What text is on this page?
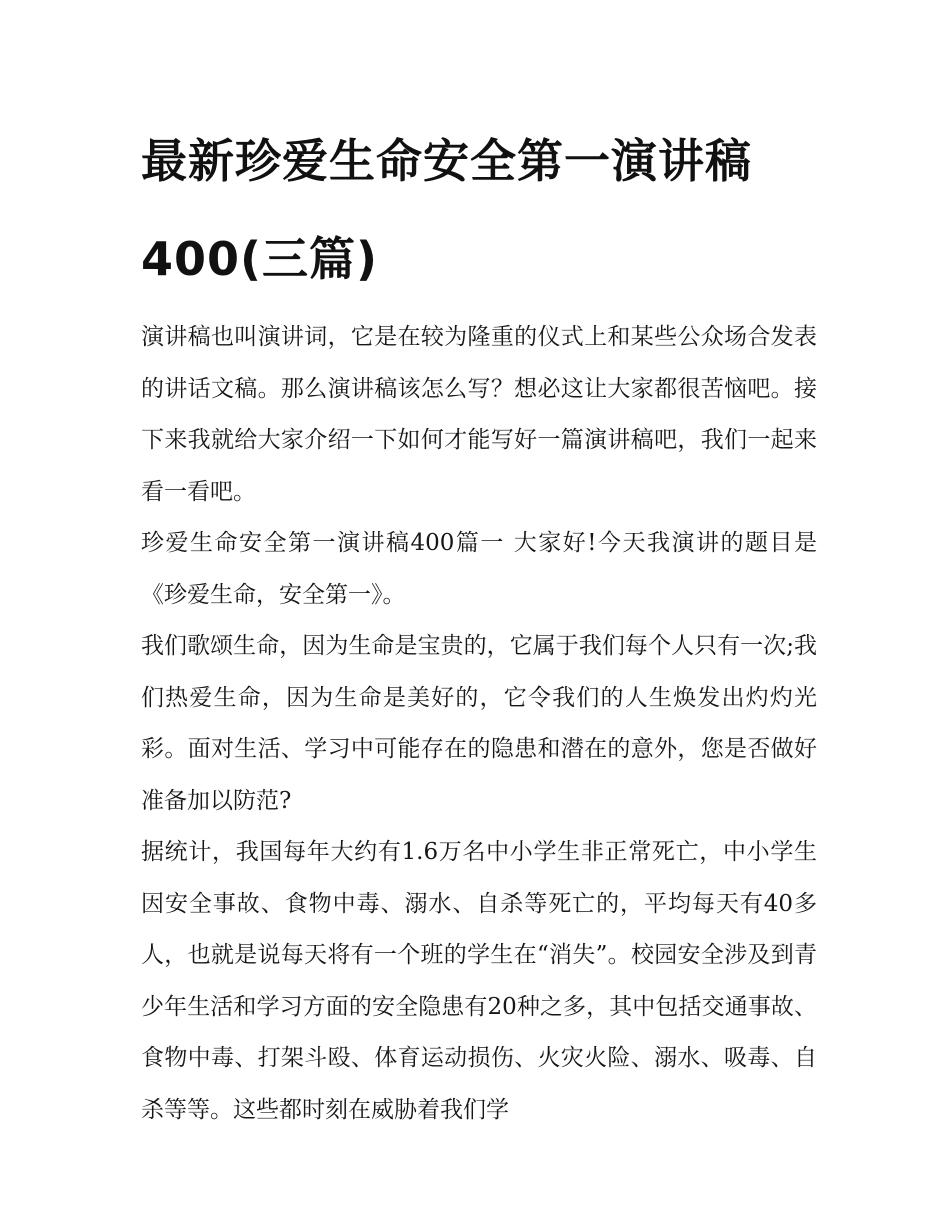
最新珍爱生命安全第一演讲稿400(三篇)

演讲稿也叫演讲词，它是在较为隆重的仪式上和某些公众场合发表的讲话文稿。那么演讲稿该怎么写？想必这让大家都很苦恼吧。接下来我就给大家介绍一下如何才能写好一篇演讲稿吧，我们一起来看一看吧。

珍爱生命安全第一演讲稿400篇一 大家好!今天我演讲的题目是《珍爱生命，安全第一》。

我们歌颂生命，因为生命是宝贵的，它属于我们每个人只有一次;我们热爱生命，因为生命是美好的，它令我们的人生焕发出灼灼光彩。面对生活、学习中可能存在的隐患和潜在的意外，您是否做好准备加以防范?

据统计，我国每年大约有1.6万名中小学生非正常死亡，中小学生因安全事故、食物中毒、溺水、自杀等死亡的，平均每天有40多人，也就是说每天将有一个班的学生在“消失”。校园安全涉及到青少年生活和学习方面的安全隐患有20种之多，其中包括交通事故、食物中毒、打架斗殴、体育运动损伤、火灾火险、溺水、吸毒、自杀等等。这些都时刻在威胁着我们学
